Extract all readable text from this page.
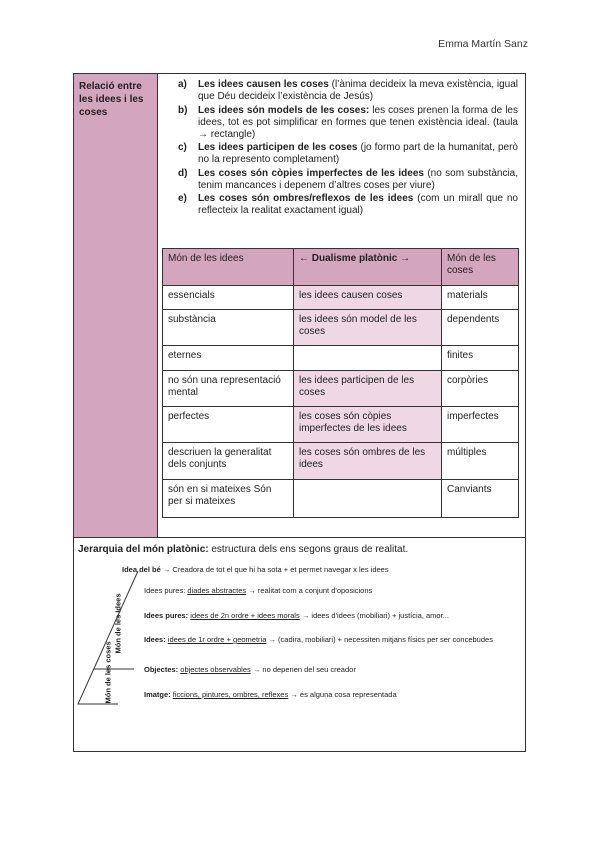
Emma Martín Sanz
Relació entre les idees i les coses
a) Les idees causen les coses (l’ànima decideix la meva existència, igual que Déu decideix l’existència de Jesús)
b) Les idees són models de les coses: les coses prenen la forma de les idees, tot es pot simplificar en formes que tenen existència ideal. (taula → rectangle)
c) Les idees participen de les coses (jo formo part de la humanitat, però no la represento completament)
d) Les coses són còpies imperfectes de les idees (no som substància, tenim mancances i depenem d’altres coses per viure)
e) Les coses són ombres/reflexos de les idees (com un mirall que no reflecteix la realitat exactament igual)
Món de les idees	← Dualisme platònic →	Món de les coses
essencials	les idees causen coses	materials
substància	les idees són model de les coses	dependents
eternes		finites
no són una representació mental	les idees participen de les coses	corpòries
perfectes	les coses són còpies imperfectes de les idees	imperfectes
descriuen la generalitat dels conjunts	les coses són ombres de les idees	múltiples
són en si mateixes Són per si mateixes		Canviants
Jerarquia del món platònic: estructura dels ens segons graus de realitat.
Món de les Idees
Món de les coses
Idea del bé → Creadora de tot el que hi ha sota + et permet navegar x les idees
Idees pures: diades abstractes → realitat com a conjunt d'oposicions
Idees pures: idees de 2n ordre + idees morals → idees d'idees (mobiliari) + justícia, amor...
Idees: idees de 1r ordre + geometria → (cadira, mobiliari) + necessiten mitjans físics per ser concebudes
Objectes: objectes observables → no depenen del seu creador
Imatge: ficcions, pintures, ombres, reflexes → és alguna cosa representada
